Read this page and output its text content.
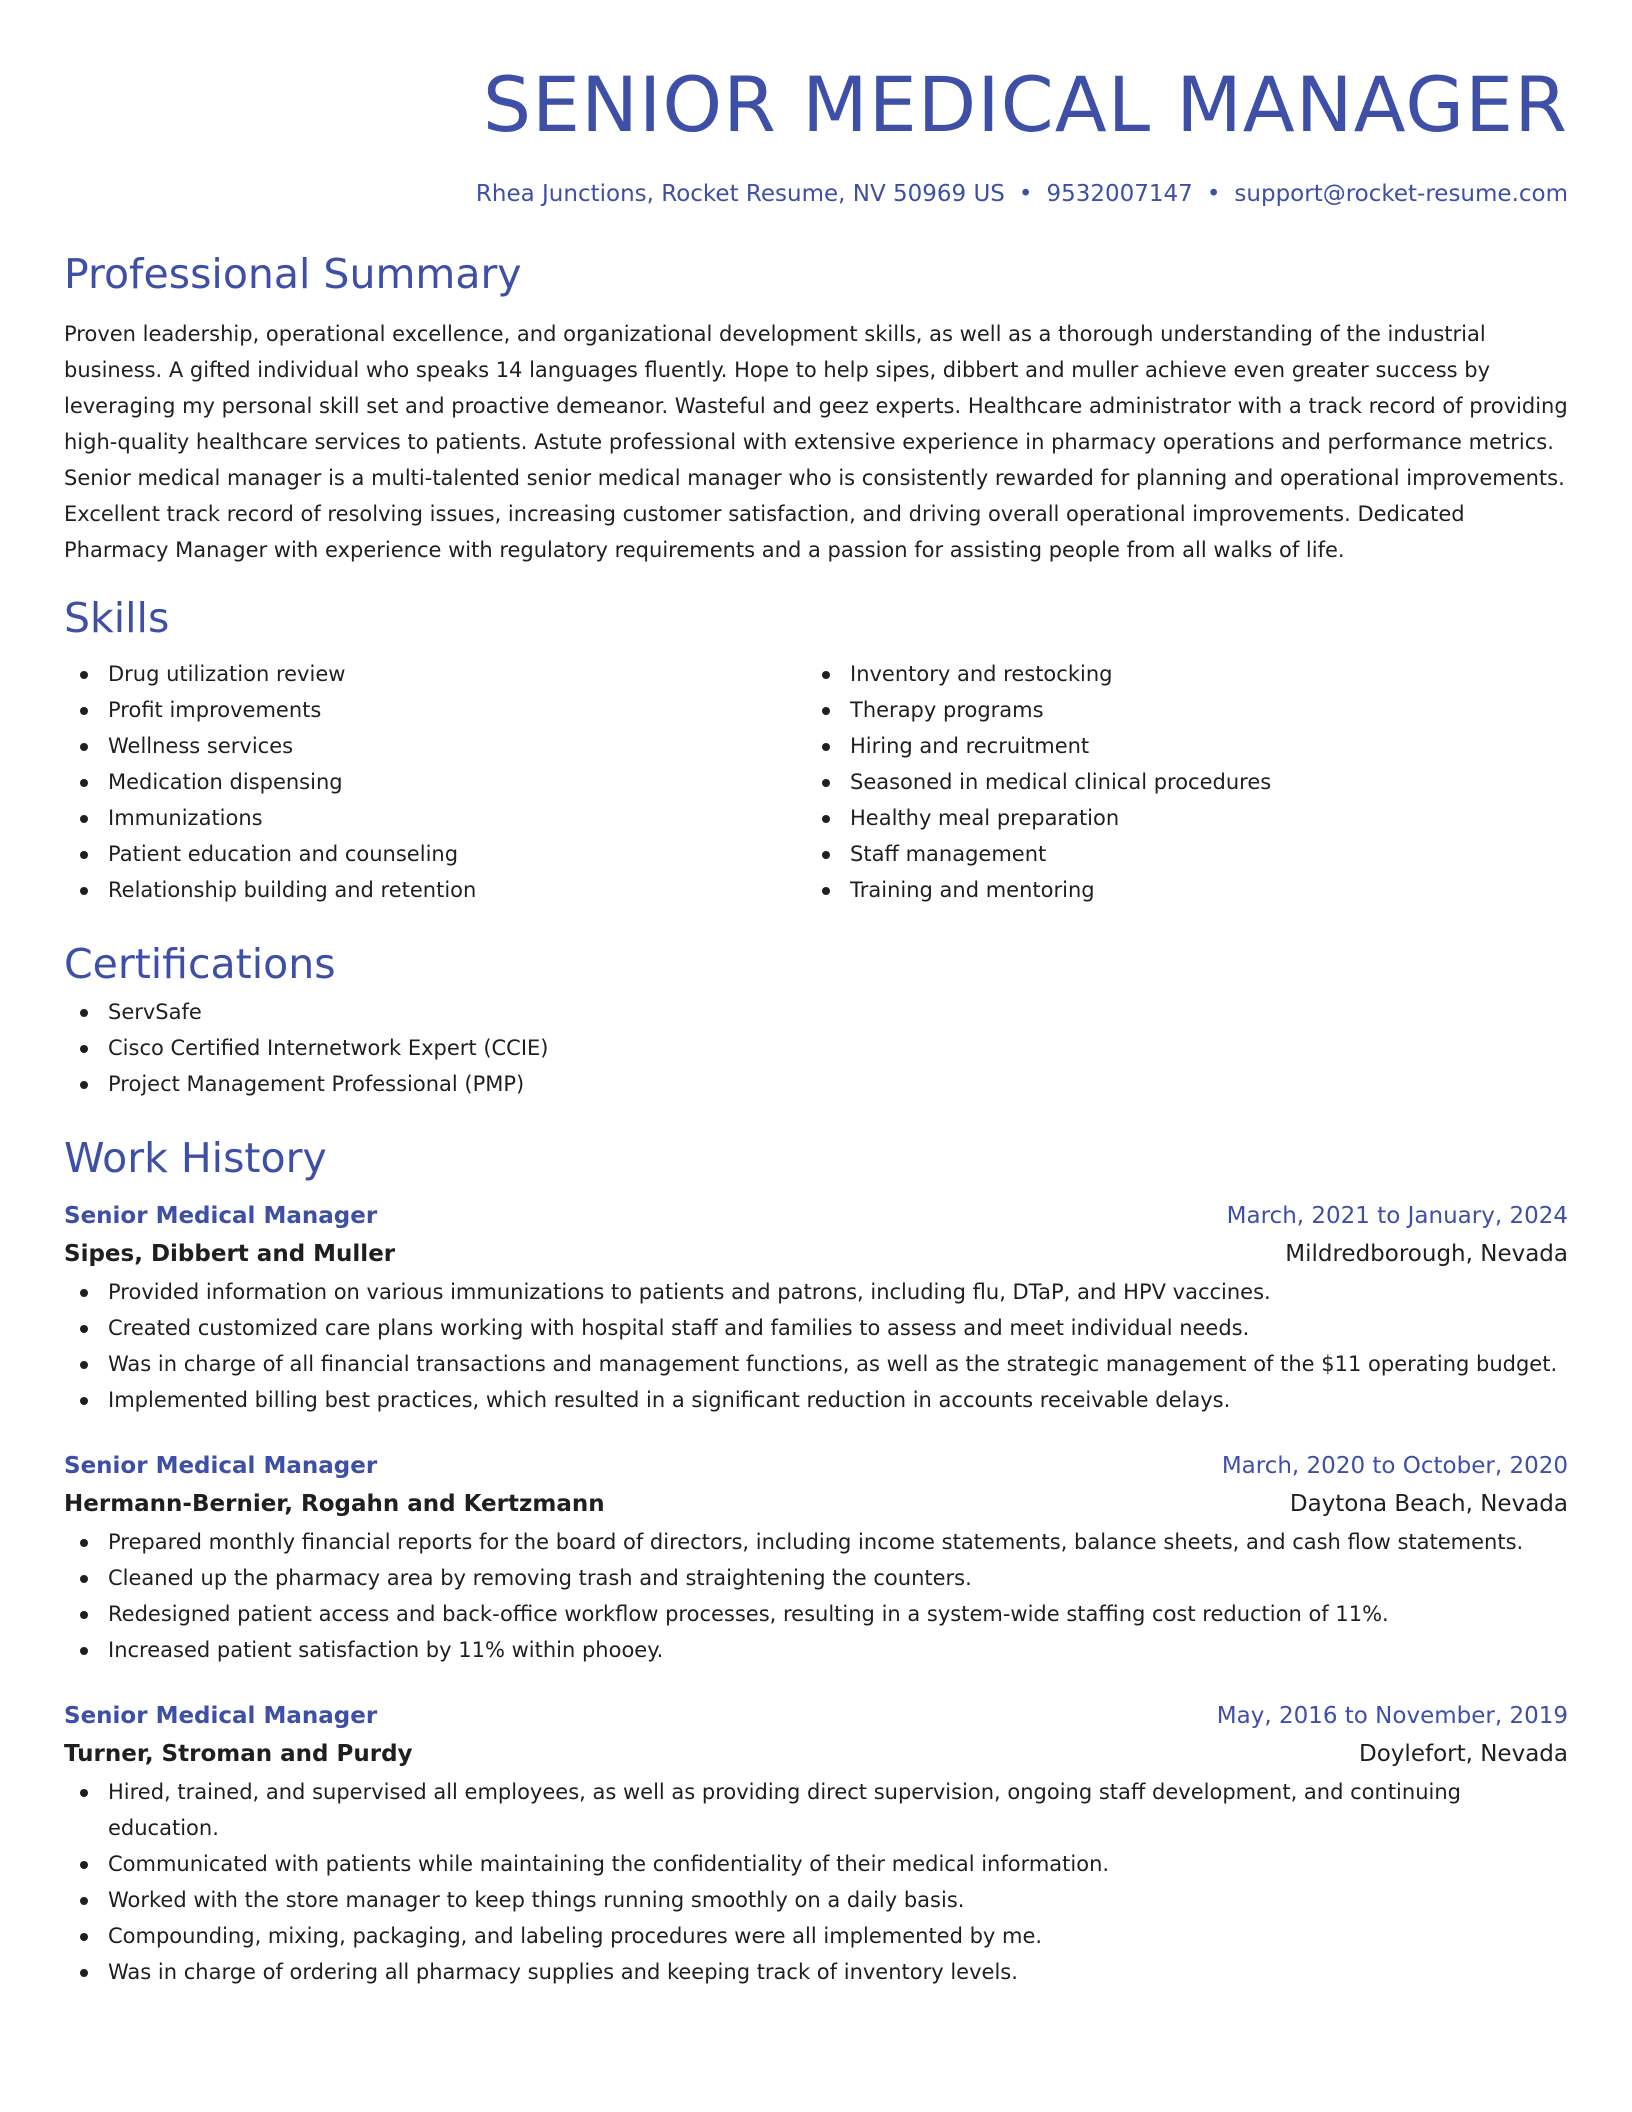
SENIOR MEDICAL MANAGER
Rhea Junctions, Rocket Resume, NV 50969 US • 9532007147 • support@rocket-resume.com
Professional Summary
Proven leadership, operational excellence, and organizational development skills, as well as a thorough understanding of the industrial business. A gifted individual who speaks 14 languages fluently. Hope to help sipes, dibbert and muller achieve even greater success by leveraging my personal skill set and proactive demeanor. Wasteful and geez experts. Healthcare administrator with a track record of providing high-quality healthcare services to patients. Astute professional with extensive experience in pharmacy operations and performance metrics. Senior medical manager is a multi-talented senior medical manager who is consistently rewarded for planning and operational improvements. Excellent track record of resolving issues, increasing customer satisfaction, and driving overall operational improvements. Dedicated Pharmacy Manager with experience with regulatory requirements and a passion for assisting people from all walks of life.
Skills
Drug utilization review
Profit improvements
Wellness services
Medication dispensing
Immunizations
Patient education and counseling
Relationship building and retention
Inventory and restocking
Therapy programs
Hiring and recruitment
Seasoned in medical clinical procedures
Healthy meal preparation
Staff management
Training and mentoring
Certifications
ServSafe
Cisco Certified Internetwork Expert (CCIE)
Project Management Professional (PMP)
Work History
Senior Medical Manager	March, 2021 to January, 2024
Sipes, Dibbert and Muller	Mildredborough, Nevada
Provided information on various immunizations to patients and patrons, including flu, DTaP, and HPV vaccines.
Created customized care plans working with hospital staff and families to assess and meet individual needs.
Was in charge of all financial transactions and management functions, as well as the strategic management of the $11 operating budget.
Implemented billing best practices, which resulted in a significant reduction in accounts receivable delays.
Senior Medical Manager	March, 2020 to October, 2020
Hermann-Bernier, Rogahn and Kertzmann	Daytona Beach, Nevada
Prepared monthly financial reports for the board of directors, including income statements, balance sheets, and cash flow statements.
Cleaned up the pharmacy area by removing trash and straightening the counters.
Redesigned patient access and back-office workflow processes, resulting in a system-wide staffing cost reduction of 11%.
Increased patient satisfaction by 11% within phooey.
Senior Medical Manager	May, 2016 to November, 2019
Turner, Stroman and Purdy	Doylefort, Nevada
Hired, trained, and supervised all employees, as well as providing direct supervision, ongoing staff development, and continuing education.
Communicated with patients while maintaining the confidentiality of their medical information.
Worked with the store manager to keep things running smoothly on a daily basis.
Compounding, mixing, packaging, and labeling procedures were all implemented by me.
Was in charge of ordering all pharmacy supplies and keeping track of inventory levels.
